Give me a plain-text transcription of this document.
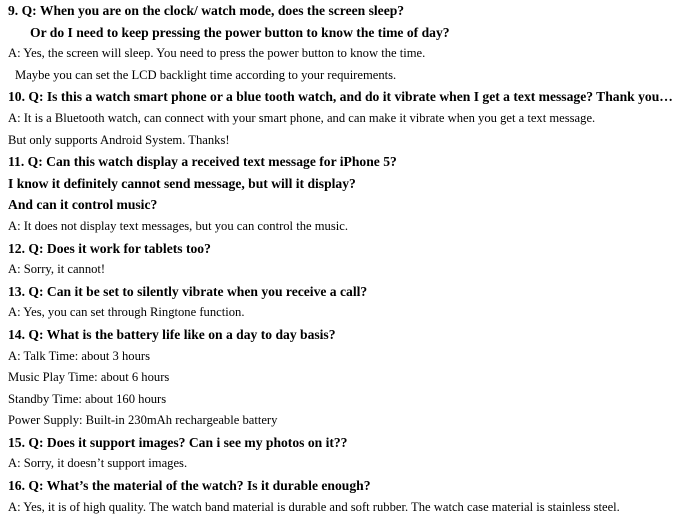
9. Q: When you are on the clock/ watch mode, does the screen sleep?
Or do I need to keep pressing the power button to know the time of day?
A: Yes, the screen will sleep. You need to press the power button to know the time.
Maybe you can set the LCD backlight time according to your requirements.
10. Q: Is this a watch smart phone or a blue tooth watch, and do it vibrate when I get a text message? Thank you…
A: It is a Bluetooth watch, can connect with your smart phone, and can make it vibrate when you get a text message.
But only supports Android System. Thanks!
11. Q: Can this watch display a received text message for iPhone 5?
I know it definitely cannot send message, but will it display?
And can it control music?
A: It does not display text messages, but you can control the music.
12. Q: Does it work for tablets too?
A: Sorry, it cannot!
13. Q: Can it be set to silently vibrate when you receive a call?
A: Yes, you can set through Ringtone function.
14. Q: What is the battery life like on a day to day basis?
A: Talk Time: about 3 hours
Music Play Time: about 6 hours
Standby Time: about 160 hours
Power Supply: Built-in 230mAh rechargeable battery
15. Q: Does it support images? Can i see my photos on it??
A: Sorry, it doesn’t support images.
16. Q: What’s the material of the watch? Is it durable enough?
A: Yes, it is of high quality. The watch band material is durable and soft rubber. The watch case material is stainless steel.
